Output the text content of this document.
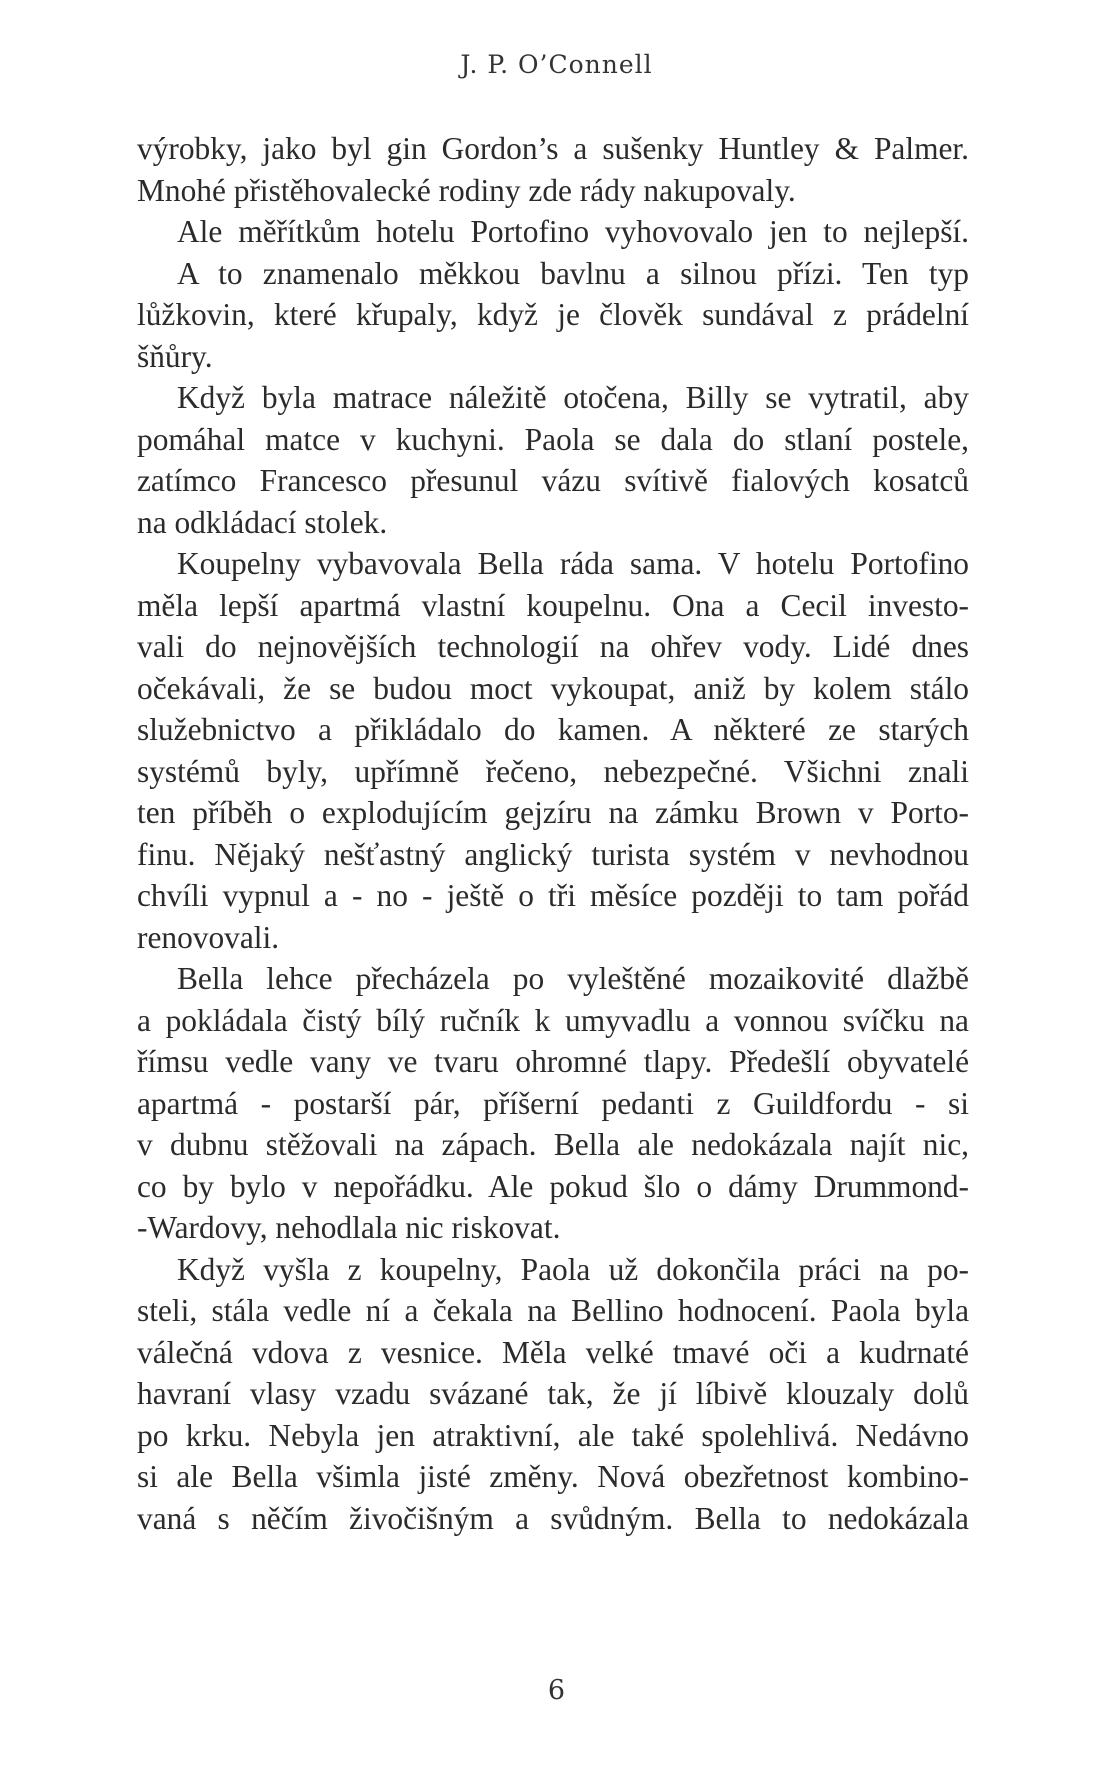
J. P. O’Connell
výrobky, jako byl gin Gordon’s a sušenky Huntley & Palmer.
Mnohé přistěhovalecké rodiny zde rády nakupovaly.
Ale měřítkům hotelu Portofino vyhovovalo jen to nejlepší.
A to znamenalo měkkou bavlnu a silnou přízi. Ten typ
lůžkovin, které křupaly, když je člověk sundával z prádelní
šňůry.
Když byla matrace náležitě otočena, Billy se vytratil, aby
pomáhal matce v kuchyni. Paola se dala do stlaní postele,
zatímco Francesco přesunul vázu svítivě fialových kosatců
na odkládací stolek.
Koupelny vybavovala Bella ráda sama. V hotelu Portofino
měla lepší apartmá vlastní koupelnu. Ona a Cecil investo-
vali do nejnovějších technologií na ohřev vody. Lidé dnes
očekávali, že se budou moct vykoupat, aniž by kolem stálo
služebnictvo a přikládalo do kamen. A některé ze starých
systémů byly, upřímně řečeno, nebezpečné. Všichni znali
ten příběh o explodujícím gejzíru na zámku Brown v Porto-
finu. Nějaký nešťastný anglický turista systém v nevhodnou
chvíli vypnul a - no - ještě o tři měsíce později to tam pořád
renovovali.
Bella lehce přecházela po vyleštěné mozaikovité dlažbě
a pokládala čistý bílý ručník k umyvadlu a vonnou svíčku na
římsu vedle vany ve tvaru ohromné tlapy. Předešlí obyvatelé
apartmá - postarší pár, příšerní pedanti z Guildfordu - si
v dubnu stěžovali na zápach. Bella ale nedokázala najít nic,
co by bylo v nepořádku. Ale pokud šlo o dámy Drummond-
-Wardovy, nehodlala nic riskovat.
Když vyšla z koupelny, Paola už dokončila práci na po-
steli, stála vedle ní a čekala na Bellino hodnocení. Paola byla
válečná vdova z vesnice. Měla velké tmavé oči a kudrnaté
havraní vlasy vzadu svázané tak, že jí líbivě klouzaly dolů
po krku. Nebyla jen atraktivní, ale také spolehlivá. Nedávno
si ale Bella všimla jisté změny. Nová obezřetnost kombino-
vaná s něčím živočišným a svůdným. Bella to nedokázala
6
